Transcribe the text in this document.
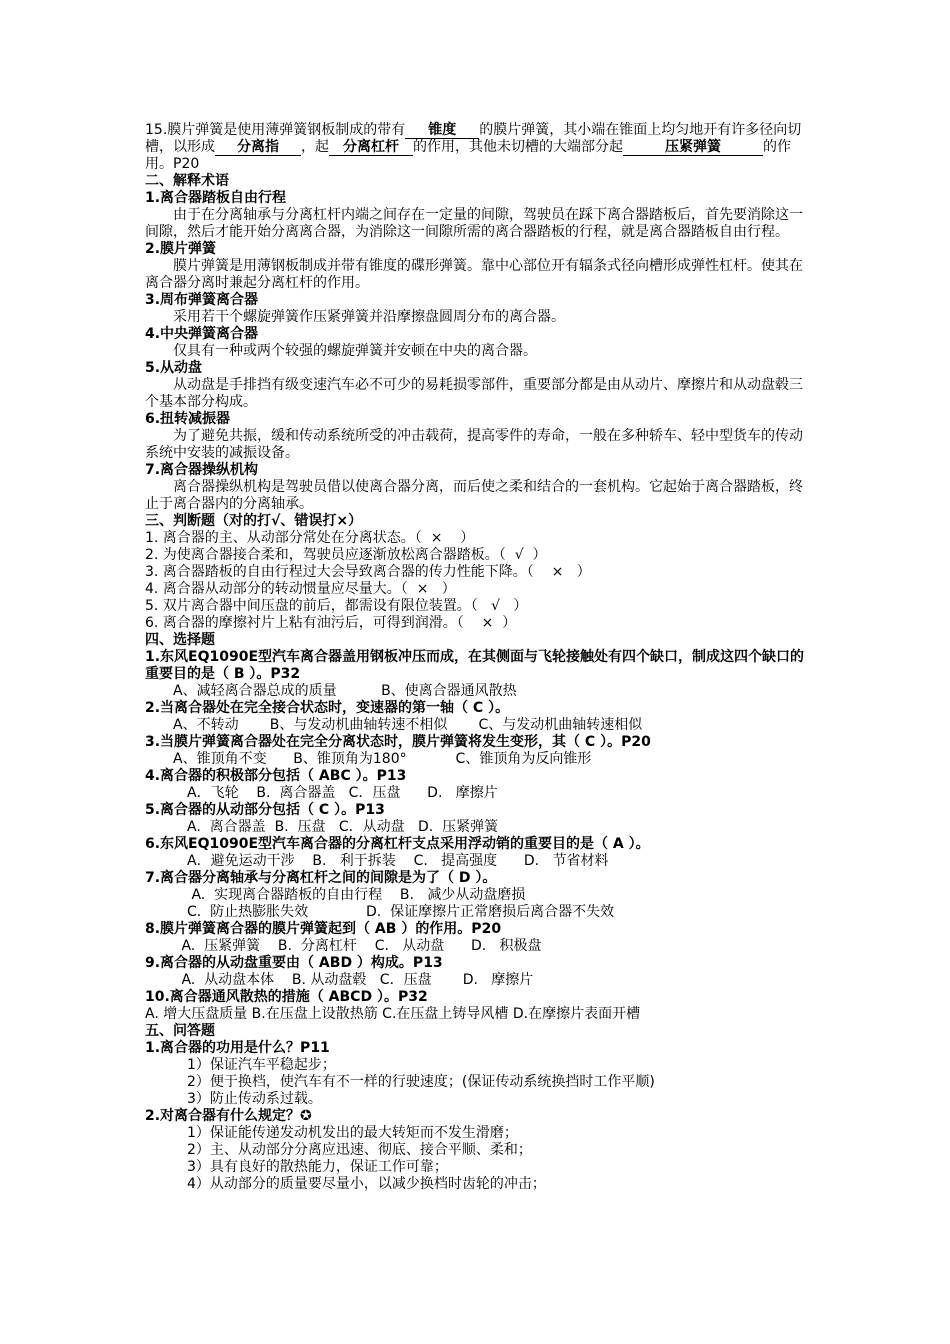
15.膜片弹簧是使用薄弹簧钢板制成的带有 锥度 的膜片弹簧，其小端在锥面上均匀地开有许多径向切槽，以形成 分离指 ，起 分离杠杆 的作用，其他未切槽的大端部分起	压紧弹簧	的作用。P20

二、解释术语

1.离合器踏板自由行程

由于在分离轴承与分离杠杆内端之间存在一定量的间隙，驾驶员在踩下离合器踏板后，首先要消除这一间隙，然后才能开始分离离合器，为消除这一间隙所需的离合器踏板的行程，就是离合器踏板自由行程。

2.膜片弹簧

膜片弹簧是用薄钢板制成并带有锥度的碟形弹簧。靠中心部位开有辐条式径向槽形成弹性杠杆。使其在离合器分离时兼起分离杠杆的作用。

3.周布弹簧离合器

采用若干个螺旋弹簧作压紧弹簧并沿摩擦盘圆周分布的离合器。

4.中央弹簧离合器

仅具有一种或两个较强的螺旋弹簧并安顿在中央的离合器。

5.从动盘

从动盘是手排挡有级变速汽车必不可少的易耗损零部件，重要部分都是由从动片、摩擦片和从动盘毂三个基本部分构成。

6.扭转减振器

为了避免共振，缓和传动系统所受的冲击载荷，提高零件的寿命，一般在多种轿车、轻中型货车的传动系统中安装的减振设备。

7.离合器操纵机构

离合器操纵机构是驾驶员借以使离合器分离，而后使之柔和结合的一套机构。它起始于离合器踏板，终止于离合器内的分离轴承。

三、判断题（对的打√、错误打×）

1. 离合器的主、从动部分常处在分离状态。（  ×    ）

2. 为使离合器接合柔和，驾驶员应逐渐放松离合器踏板。（  √  ）

3. 离合器踏板的自由行程过大会导致离合器的传力性能下降。（    ×   ）

4. 离合器从动部分的转动惯量应尽量大。（  ×   ）

5. 双片离合器中间压盘的前后，都需设有限位装置。（   √   ）

6. 离合器的摩擦衬片上粘有油污后，可得到润滑。（    ×  ）

四、选择题

1.东风EQ1090E型汽车离合器盖用钢板冲压而成，在其侧面与飞轮接触处有四个缺口，制成这四个缺口的重要目的是（ B ）。P32

A、减轻离合器总成的质量          B、使离合器通风散热

2.当离合器处在完全接合状态时，变速器的第一轴（ C ）。

A、不转动       B、与发动机曲轴转速不相似       C、与发动机曲轴转速相似

3.当膜片弹簧离合器处在完全分离状态时，膜片弹簧将发生变形，其（ C ）。P20

A、锥顶角不变      B、锥顶角为180°           C、锥顶角为反向锥形

4.离合器的积极部分包括（ ABC ）。P13

A．飞轮    B.  离合器盖   C．压盘      D.   摩擦片

5.离合器的从动部分包括（ C ）。P13

A.  离合器盖  B.  压盘   C．从动盘   D.  压紧弹簧

6.东风EQ1090E型汽车离合器的分离杠杆支点采用浮动销的重要目的是（ A ）。

A．避免运动干涉    B.   利于拆装    C.   提高强度      D.   节省材料

7.离合器分离轴承与分离杠杆之间的间隙是为了（ D ）。

A.  实现离合器踏板的自由行程    B.   减少从动盘磨损

C.  防止热膨胀失效             D.  保证摩擦片正常磨损后离合器不失效

8.膜片弹簧离合器的膜片弹簧起到（ AB ）的作用。P20

A.  压紧弹簧    B.  分离杠杆    C.   从动盘      D.   积极盘

9.离合器的从动盘重要由（ ABD ）构成。P13

A.  从动盘本体    B. 从动盘毂   C．压盘       D.   摩擦片

10.离合器通风散热的措施（ ABCD ）。P32

A. 增大压盘质量 B.在压盘上设散热筋 C.在压盘上铸导风槽 D.在摩擦片表面开槽

五、问答题

1.离合器的功用是什么？P11

1）保证汽车平稳起步；

2）便于换档，使汽车有不一样的行驶速度；(保证传动系统换挡时工作平顺)

3）防止传动系过载。

2.对离合器有什么规定？✪

1）保证能传递发动机发出的最大转矩而不发生滑磨；

2）主、从动部分分离应迅速、彻底、接合平顺、柔和；

3）具有良好的散热能力，保证工作可靠；

4）从动部分的质量要尽量小，以减少换档时齿轮的冲击；
